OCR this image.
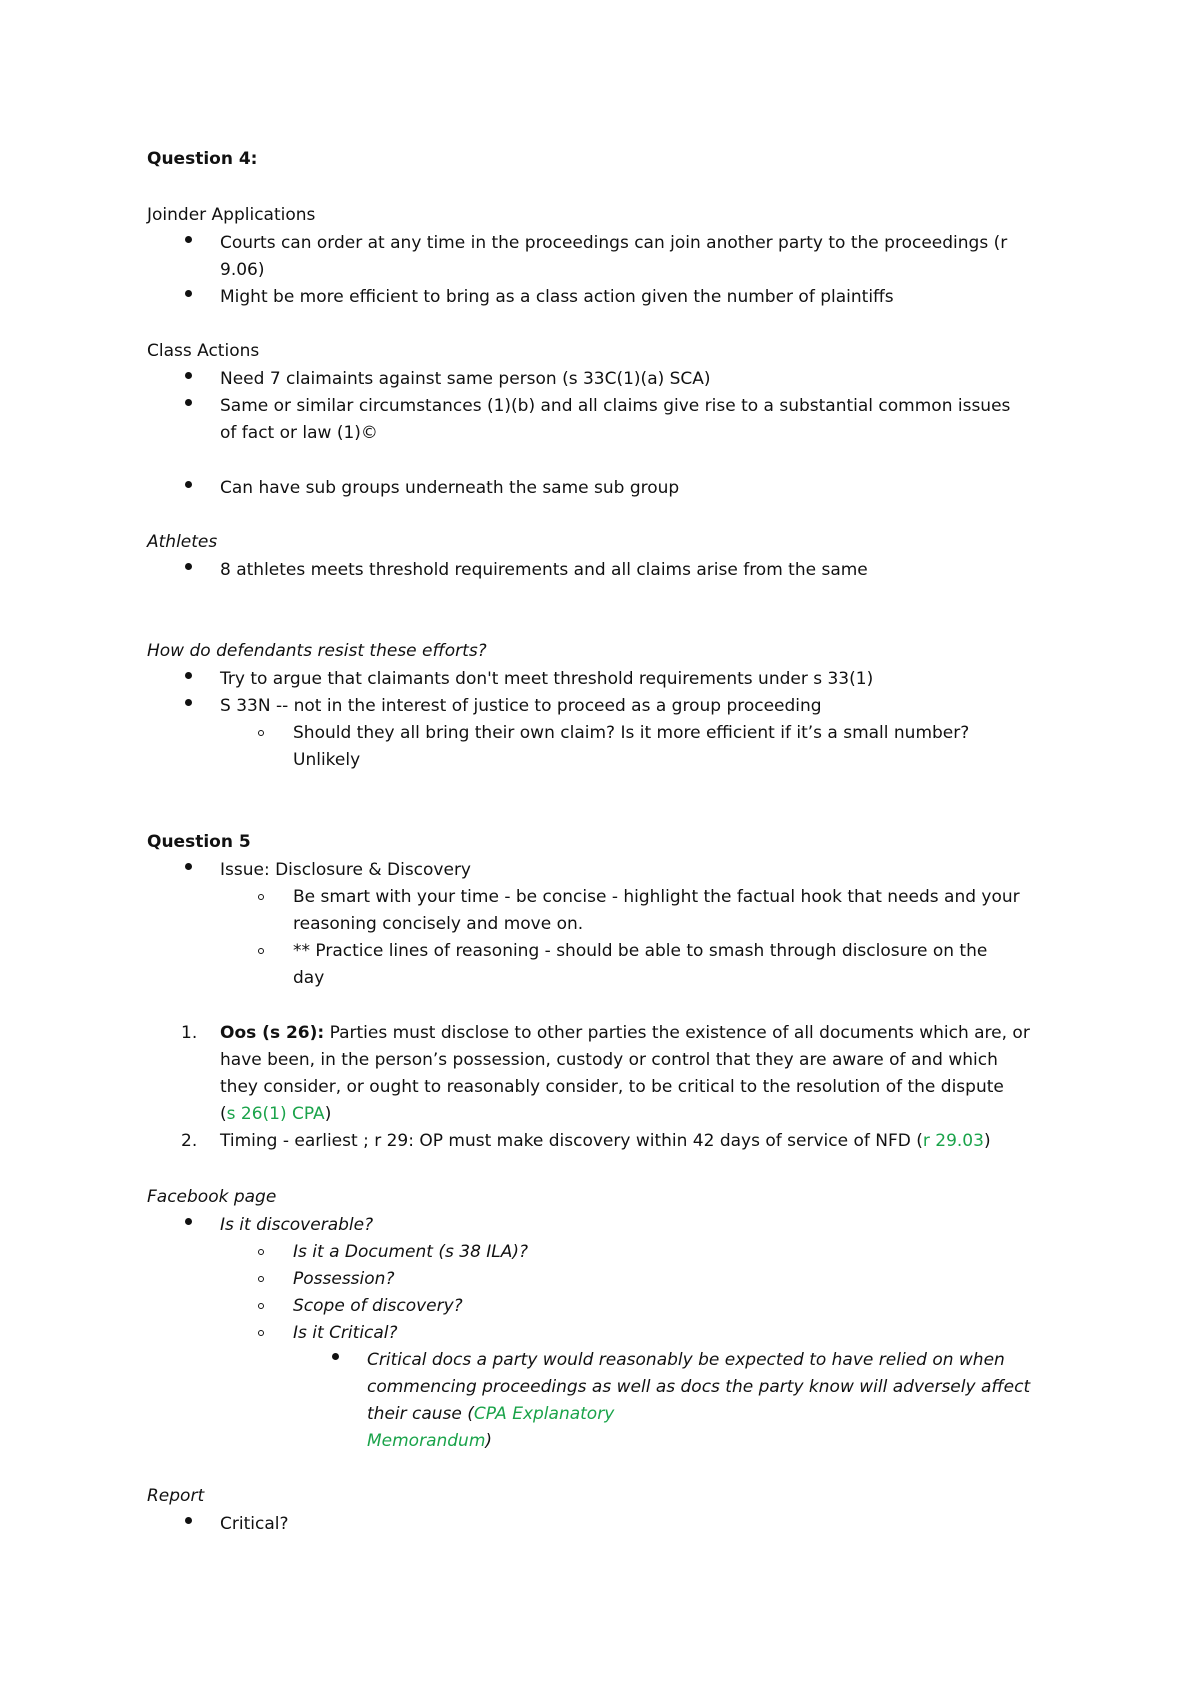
Question 4:
Joinder Applications
Courts can order at any time in the proceedings can join another party to the proceedings (r
9.06)
Might be more efficient to bring as a class action given the number of plaintiffs
Class Actions
Need 7 claimaints against same person (s 33C(1)(a) SCA)
Same or similar circumstances (1)(b) and all claims give rise to a substantial common issues
of fact or law (1)©
Can have sub groups underneath the same sub group
Athletes
8 athletes meets threshold requirements and all claims arise from the same
How do defendants resist these efforts?
Try to argue that claimants don't meet threshold requirements under s 33(1)
S 33N -- not in the interest of justice to proceed as a group proceeding
Should they all bring their own claim? Is it more efficient if it’s a small number?
Unlikely
Question 5
Issue: Disclosure & Discovery
Be smart with your time - be concise - highlight the factual hook that needs and your
reasoning concisely and move on.
** Practice lines of reasoning - should be able to smash through disclosure on the
day
1. Oos (s 26): Parties must disclose to other parties the existence of all documents which are, or
have been, in the person’s possession, custody or control that they are aware of and which
they consider, or ought to reasonably consider, to be critical to the resolution of the dispute
(s 26(1) CPA)
2. Timing - earliest ; r 29: OP must make discovery within 42 days of service of NFD (r 29.03)
Facebook page
Is it discoverable?
Is it a Document (s 38 ILA)?
Possession?
Scope of discovery?
Is it Critical?
Critical docs a party would reasonably be expected to have relied on when
commencing proceedings as well as docs the party know will adversely affect
their cause (CPA Explanatory
Memorandum)
Report
Critical?
